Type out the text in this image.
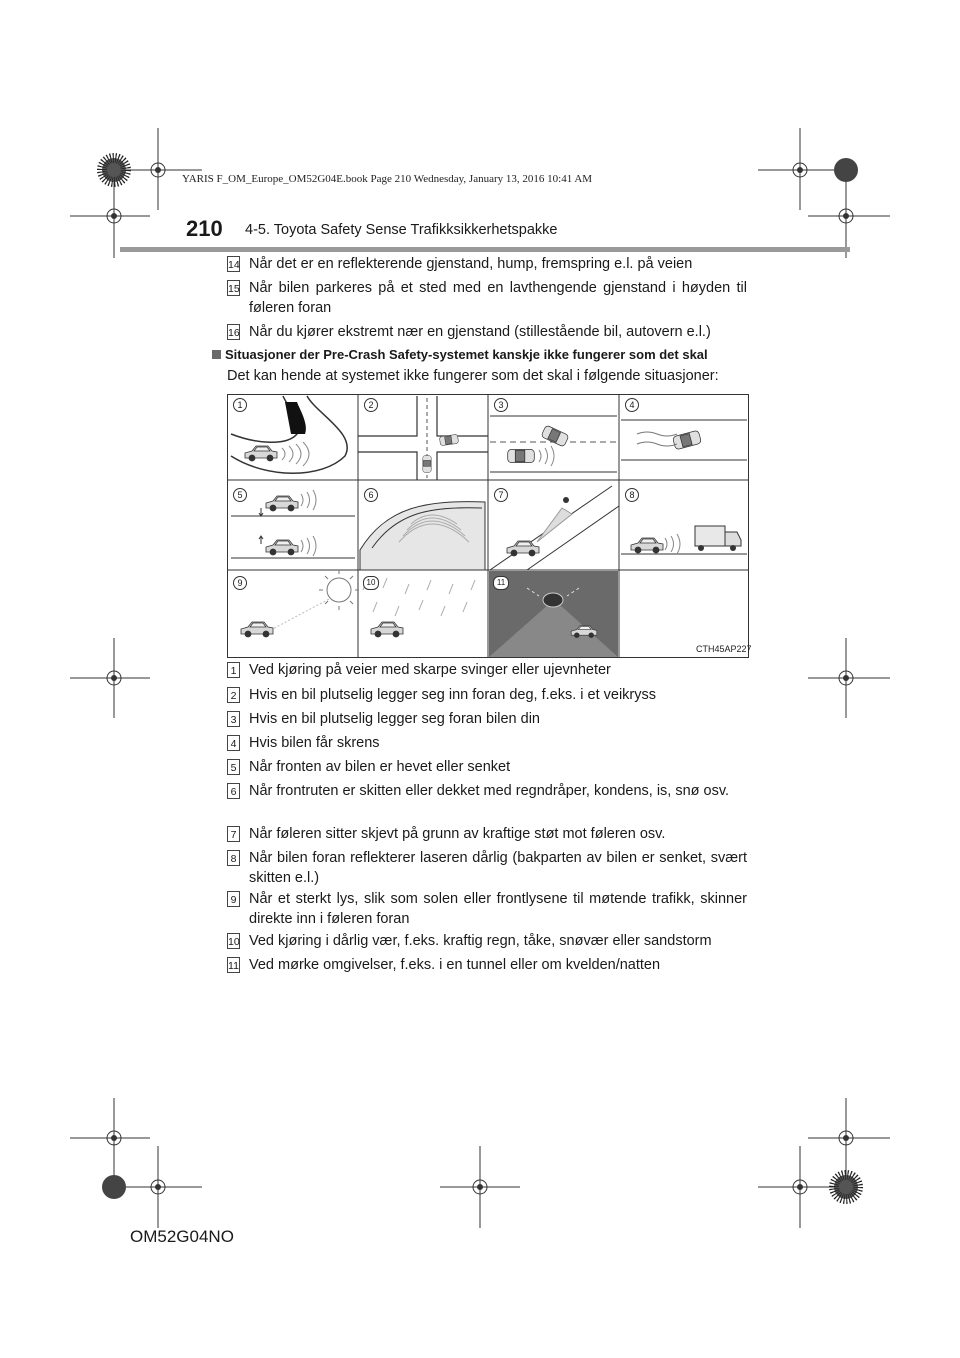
YARIS F_OM_Europe_OM52G04E.book Page 210 Wednesday, January 13, 2016 10:41 AM
210 4-5. Toyota Safety Sense Trafikksikkerhetspakke
14 Når det er en reflekterende gjenstand, hump, fremspring e.l. på veien
15 Når bilen parkeres på et sted med en lavthengende gjenstand i høyden til føleren foran
16 Når du kjører ekstremt nær en gjenstand (stillestående bil, autovern e.l.)
Situasjoner der Pre-Crash Safety-systemet kanskje ikke fungerer som det skal
Det kan hende at systemet ikke fungerer som det skal i følgende situasjoner:
1	2	3	4
5	6	7	8
9	10	11
CTH45AP227
1 Ved kjøring på veier med skarpe svinger eller ujevnheter
2 Hvis en bil plutselig legger seg inn foran deg, f.eks. i et veikryss
3 Hvis en bil plutselig legger seg foran bilen din
4 Hvis bilen får skrens
5 Når fronten av bilen er hevet eller senket
6 Når frontruten er skitten eller dekket med regndråper, kondens, is, snø osv.
7 Når føleren sitter skjevt på grunn av kraftige støt mot føleren osv.
8 Når bilen foran reflekterer laseren dårlig (bakparten av bilen er senket, svært skitten e.l.)
9 Når et sterkt lys, slik som solen eller frontlysene til møtende trafikk, skinner direkte inn i føleren foran
10 Ved kjøring i dårlig vær, f.eks. kraftig regn, tåke, snøvær eller sandstorm
11 Ved mørke omgivelser, f.eks. i en tunnel eller om kvelden/natten
OM52G04NO
